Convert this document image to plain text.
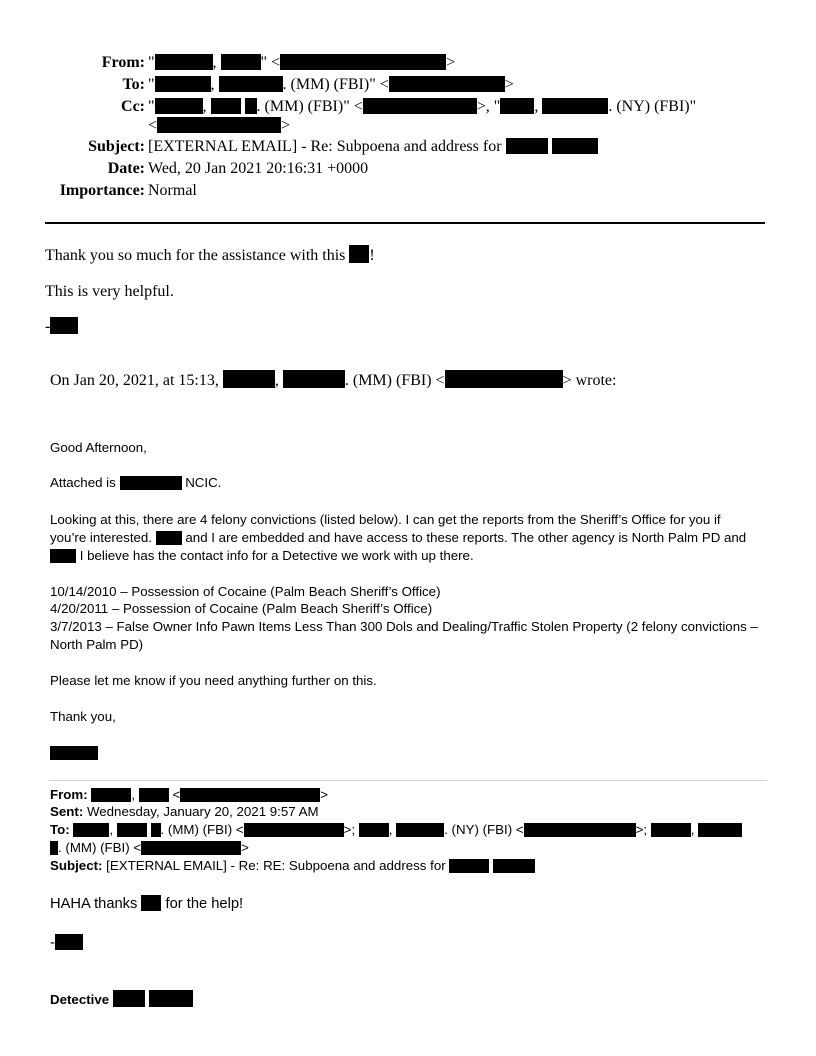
From: "	,	" <	>
To: "	,	. (MM) (FBI)" <	>
Cc: "	,	. (MM) (FBI)" <	>, " ,	. (NY) (FBI)"
<	>
Subject: [EXTERNAL EMAIL] - Re: Subpoena and address for
Date: Wed, 20 Jan 2021 20:16:31 +0000
Importance: Normal
Thank you so much for the assistance with this !
This is very helpful.
-
On Jan 20, 2021, at 15:13,	,	. (MM) (FBI) <	> wrote:
Good Afternoon,
Attached is	NCIC.
Looking at this, there are 4 felony convictions (listed below). I can get the reports from the Sheriff’s Office for you if
you’re interested.	and I are embedded and have access to these reports. The other agency is North Palm PD and
I believe has the contact info for a Detective we work with up there.
10/14/2010 – Possession of Cocaine (Palm Beach Sheriff’s Office)
4/20/2011 – Possession of Cocaine (Palm Beach Sheriff’s Office)
3/7/2013 – False Owner Info Pawn Items Less Than 300 Dols and Dealing/Traffic Stolen Property (2 felony convictions –
North Palm PD)
Please let me know if you need anything further on this.
Thank you,
From:	,	<	>
Sent: Wednesday, January 20, 2021 9:57 AM
To:	,	. (MM) (FBI) <	>;	,	. (NY) (FBI) <	>;	,
. (MM) (FBI) <	>
Subject: [EXTERNAL EMAIL] - Re: RE: Subpoena and address for
HAHA thanks for the help!
-
Detective
